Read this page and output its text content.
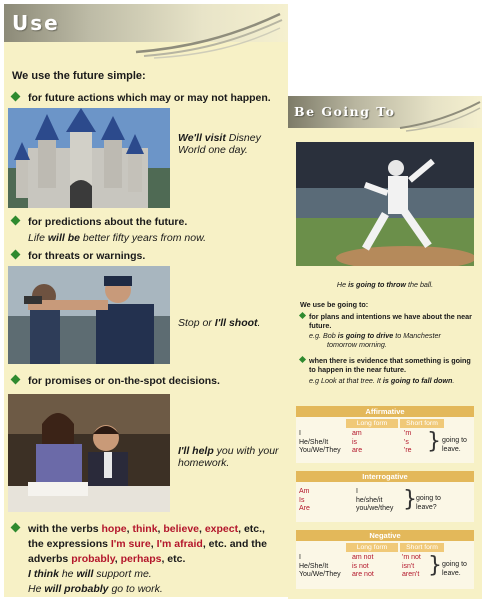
Use
We use the future simple:
for future actions which may or may not happen.
We'll visit Disney
World one day.
for predictions about the future.
Life will be better fifty years from now.
for threats or warnings.
Stop or I'll shoot.
for promises or on-the-spot decisions.
I'll help you with your
homework.
with the verbs hope, think, believe, expect, etc.,
the expressions I'm sure, I'm afraid, etc. and the
adverbs probably, perhaps, etc.
I think he will support me.
He will probably go to work.
Be Going To
He is going to throw the ball.
We use be going to:
for plans and intentions we have about the near
future.
e.g. Bob is going to drive to Manchester
tomorrow morning.
when there is evidence that something is going
to happen in the near future.
e.g Look at that tree. It is going to fall down.
Affirmative
Long form	Short form
I
He/She/It
You/We/They
am
is
are
'm
's
're } going to
leave.
Interrogative
Am
Is
Are
I
he/she/it
you/we/they } going to
leave?
Negative
Long form	Short form
I
He/She/It
You/We/They
am not
is not
are not
'm not
isn't
aren't } going to
leave.
